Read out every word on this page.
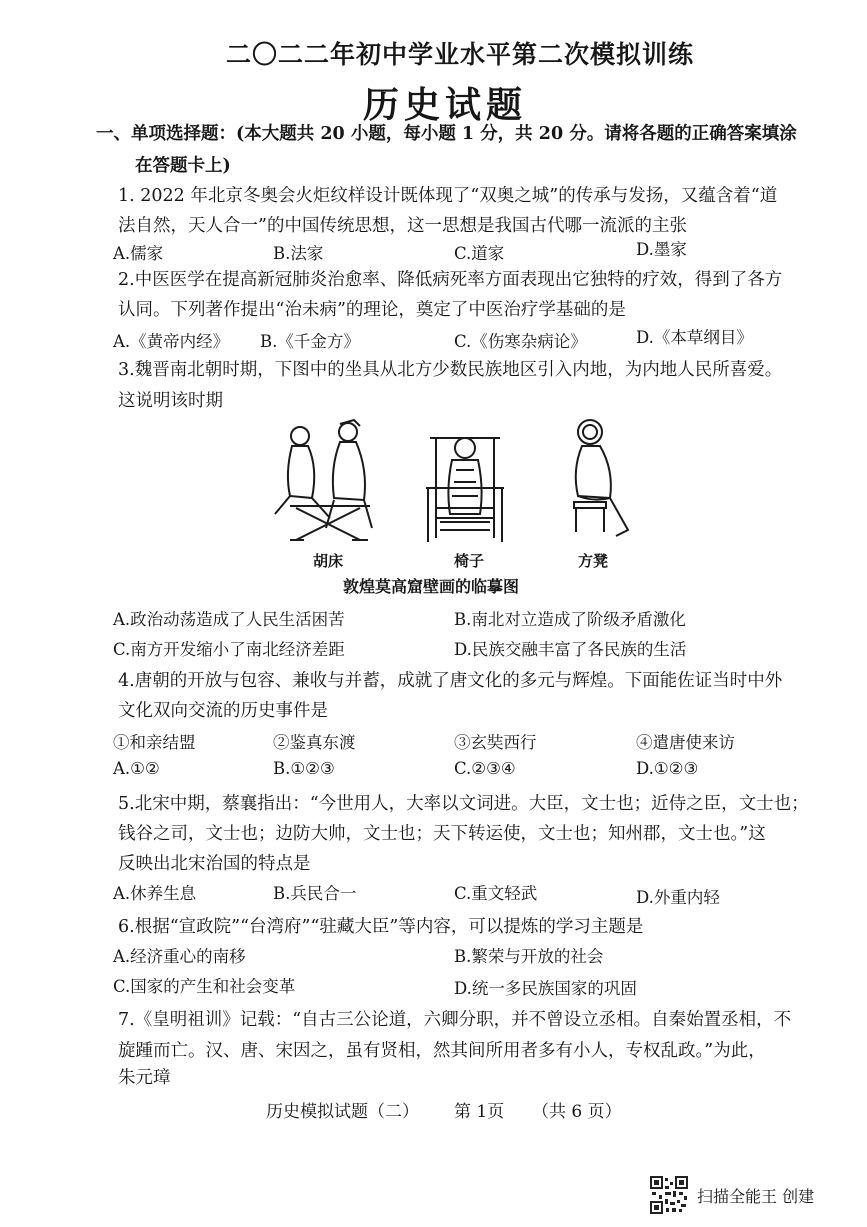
二〇二二年初中学业水平第二次模拟训练
历史试题
一、单项选择题：(本大题共 20 小题，每小题 1 分，共 20 分。请将各题的正确答案填涂
在答题卡上)
1. 2022 年北京冬奥会火炬纹样设计既体现了“双奥之城”的传承与发扬，又蕴含着“道
法自然，天人合一”的中国传统思想，这一思想是我国古代哪一流派的主张
A.儒家	B.法家	C.道家	D.墨家
2.中医医学在提高新冠肺炎治愈率、降低病死率方面表现出它独特的疗效，得到了各方
认同。下列著作提出“治未病”的理论，奠定了中医治疗学基础的是
A.《黄帝内经》 B.《千金方》	C.《伤寒杂病论》	D.《本草纲目》
3.魏晋南北朝时期，下图中的坐具从北方少数民族地区引入内地，为内地人民所喜爱。
这说明该时期
胡床	椅子	方凳
敦煌莫高窟壁画的临摹图
A.政治动荡造成了人民生活困苦	B.南北对立造成了阶级矛盾激化
C.南方开发缩小了南北经济差距	D.民族交融丰富了各民族的生活
4.唐朝的开放与包容、兼收与并蓄，成就了唐文化的多元与辉煌。下面能佐证当时中外
文化双向交流的历史事件是
①和亲结盟	②鉴真东渡	③玄奘西行	④遣唐使来访
A.①②	B.①②③	C.②③④	D.①②③
5.北宋中期，蔡襄指出：“今世用人，大率以文词进。大臣，文士也；近侍之臣，文士也；
钱谷之司，文士也；边防大帅，文士也；天下转运使，文士也；知州郡，文士也。”这
反映出北宋治国的特点是
A.休养生息	B.兵民合一	C.重文轻武	D.外重内轻
6.根据“宣政院”“台湾府”“驻藏大臣”等内容，可以提炼的学习主题是
A.经济重心的南移	B.繁荣与开放的社会
C.国家的产生和社会变革	D.统一多民族国家的巩固
7.《皇明祖训》记载：“自古三公论道，六卿分职，并不曾设立丞相。自秦始置丞相，不
旋踵而亡。汉、唐、宋因之，虽有贤相，然其间所用者多有小人，专权乱政。”为此，
朱元璋
历史模拟试题（二） 第 1页 （共 6 页）
扫描全能王 创建
